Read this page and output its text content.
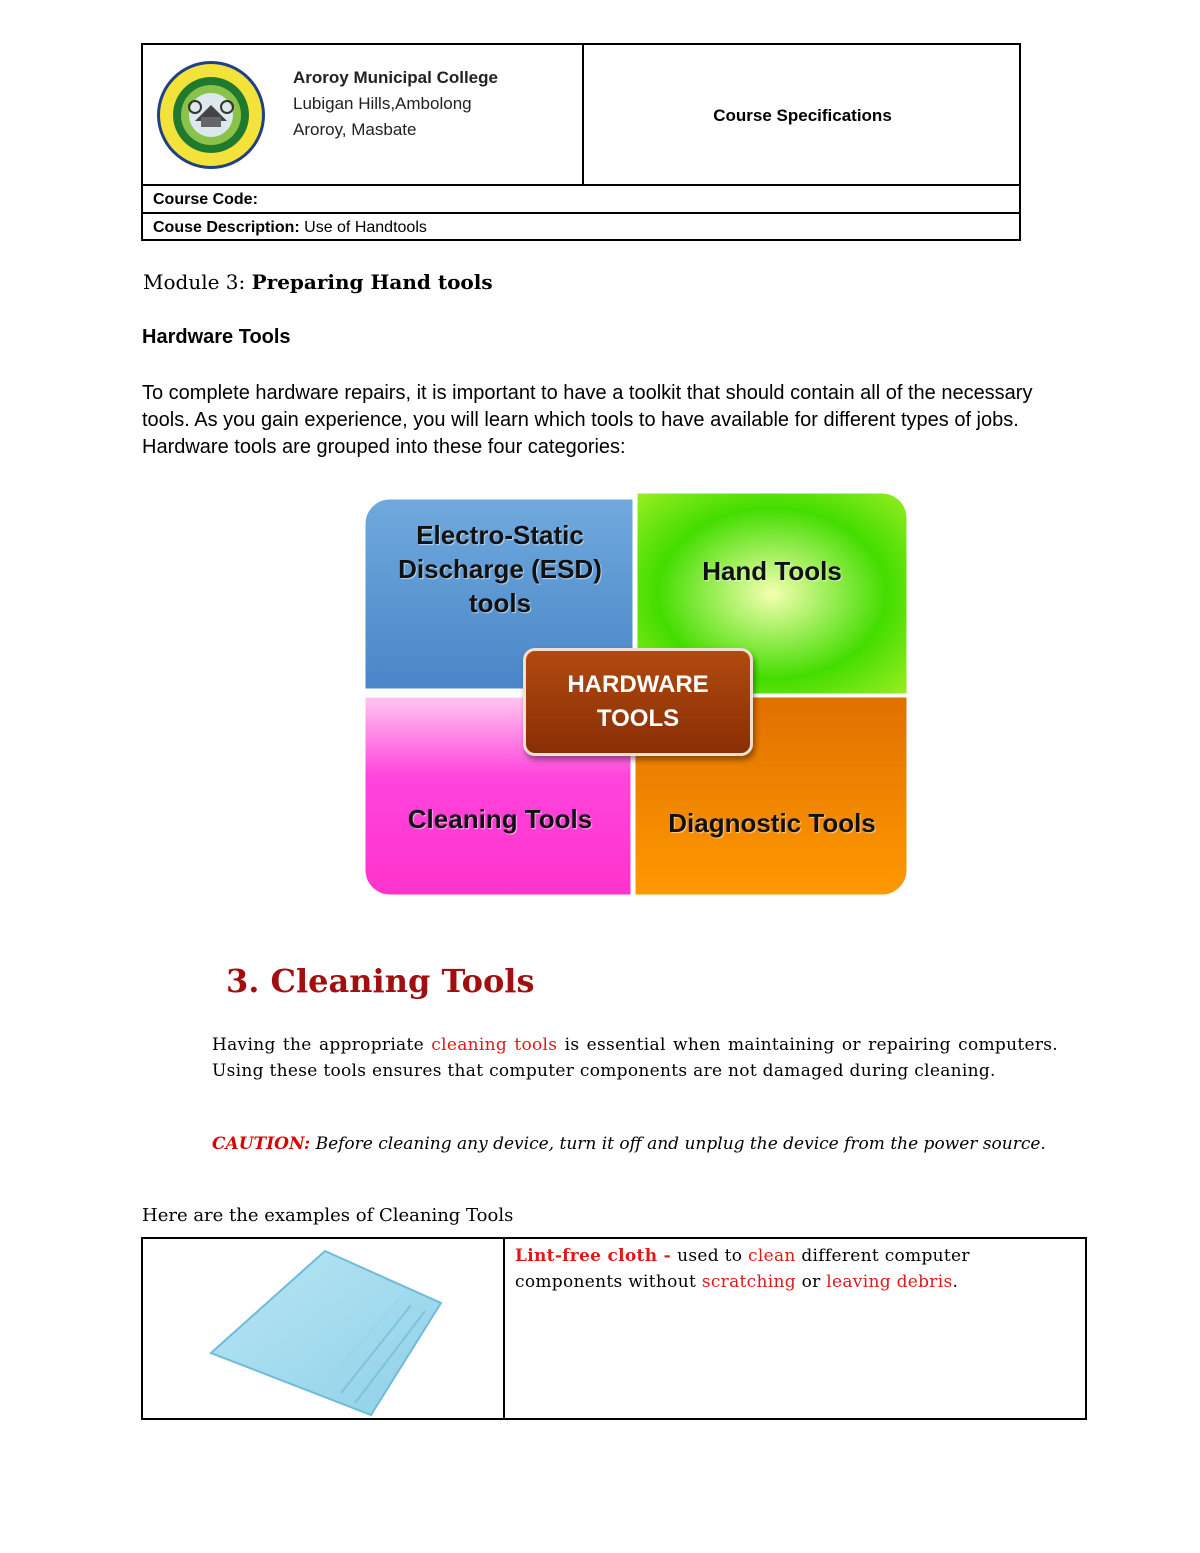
Aroroy Municipal College
Lubigan Hills,Ambolong
Aroroy, Masbate
Course Specifications
Course Code:
Couse Description: Use of Handtools
Module 3: Preparing Hand tools
Hardware Tools
To complete hardware repairs, it is important to have a toolkit that should contain all of the necessary tools. As you gain experience, you will learn which tools to have available for different types of jobs. Hardware tools are grouped into these four categories:
Electro-Static
Discharge (ESD)
tools
Hand Tools
Cleaning Tools	Diagnostic Tools
HARDWARE
TOOLS
3. Cleaning Tools
Having the appropriate cleaning tools is essential when maintaining or repairing computers. Using these tools ensures that computer components are not damaged during cleaning.
CAUTION: Before cleaning any device, turn it off and unplug the device from the power source.
Here are the examples of Cleaning Tools
Lint-free cloth - used to clean different computer components without scratching or leaving debris.
